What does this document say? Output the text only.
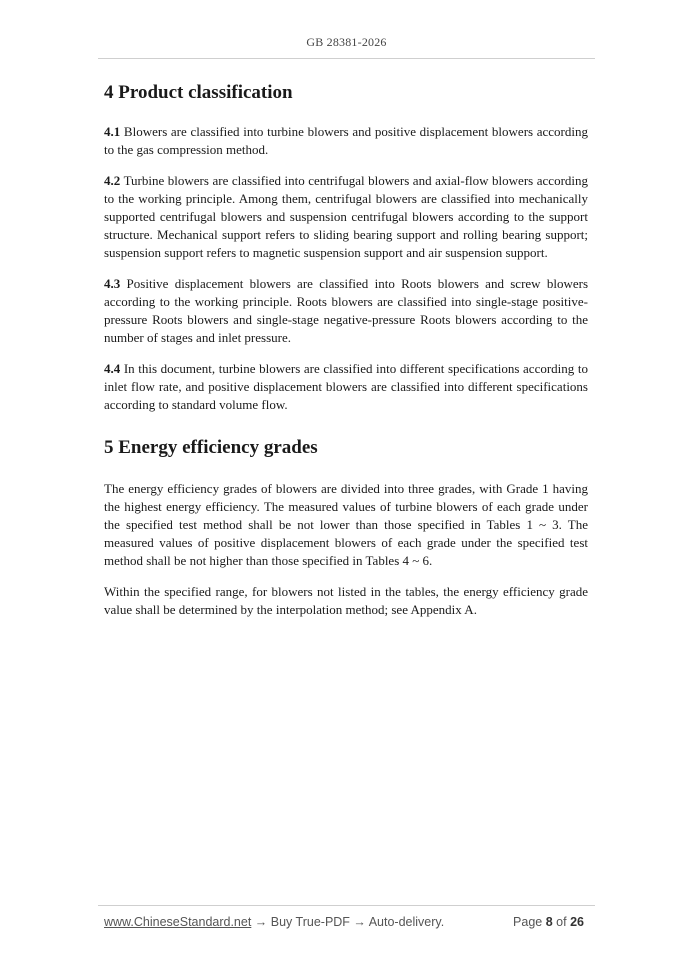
GB 28381-2026
4 Product classification

4.1 Blowers are classified into turbine blowers and positive displacement blowers according to the gas compression method.

4.2 Turbine blowers are classified into centrifugal blowers and axial-flow blowers according to the working principle. Among them, centrifugal blowers are classified into mechanically supported centrifugal blowers and suspension centrifugal blowers according to the support structure. Mechanical support refers to sliding bearing support and rolling bearing support; suspension support refers to magnetic suspension support and air suspension support.

4.3 Positive displacement blowers are classified into Roots blowers and screw blowers according to the working principle. Roots blowers are classified into single-stage positive-pressure Roots blowers and single-stage negative-pressure Roots blowers according to the number of stages and inlet pressure.

4.4 In this document, turbine blowers are classified into different specifications according to inlet flow rate, and positive displacement blowers are classified into different specifications according to standard volume flow.

5 Energy efficiency grades

The energy efficiency grades of blowers are divided into three grades, with Grade 1 having the highest energy efficiency. The measured values of turbine blowers of each grade under the specified test method shall be not lower than those specified in Tables 1 ~ 3. The measured values of positive displacement blowers of each grade under the specified test method shall be not higher than those specified in Tables 4 ~ 6.

Within the specified range, for blowers not listed in the tables, the energy efficiency grade value shall be determined by the interpolation method; see Appendix A.

www.ChineseStandard.net → Buy True-PDF → Auto-delivery.	Page 8 of 26
